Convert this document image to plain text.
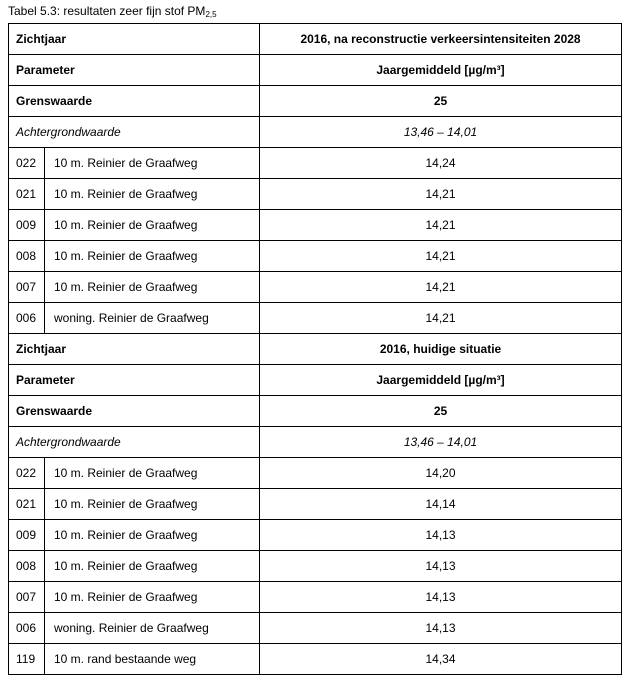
Tabel 5.3: resultaten zeer fijn stof $PM_{2,5}$
Zichtjaar		2016, na reconstructie verkeersintensiteiten 2028
Parameter		Jaargemiddeld [µg/m³]
Grenswaarde		25
Achtergrondwaarde		13,46 – 14,01
022	10 m. Reinier de Graafweg	14,24
021	10 m. Reinier de Graafweg	14,21
009	10 m. Reinier de Graafweg	14,21
008	10 m. Reinier de Graafweg	14,21
007	10 m. Reinier de Graafweg	14,21
006	woning. Reinier de Graafweg	14,21
Zichtjaar		2016, huidige situatie
Parameter		Jaargemiddeld [µg/m³]
Grenswaarde		25
Achtergrondwaarde		13,46 – 14,01
022	10 m. Reinier de Graafweg	14,20
021	10 m. Reinier de Graafweg	14,14
009	10 m. Reinier de Graafweg	14,13
008	10 m. Reinier de Graafweg	14,13
007	10 m. Reinier de Graafweg	14,13
006	woning. Reinier de Graafweg	14,13
119	10 m. rand bestaande weg	14,34
